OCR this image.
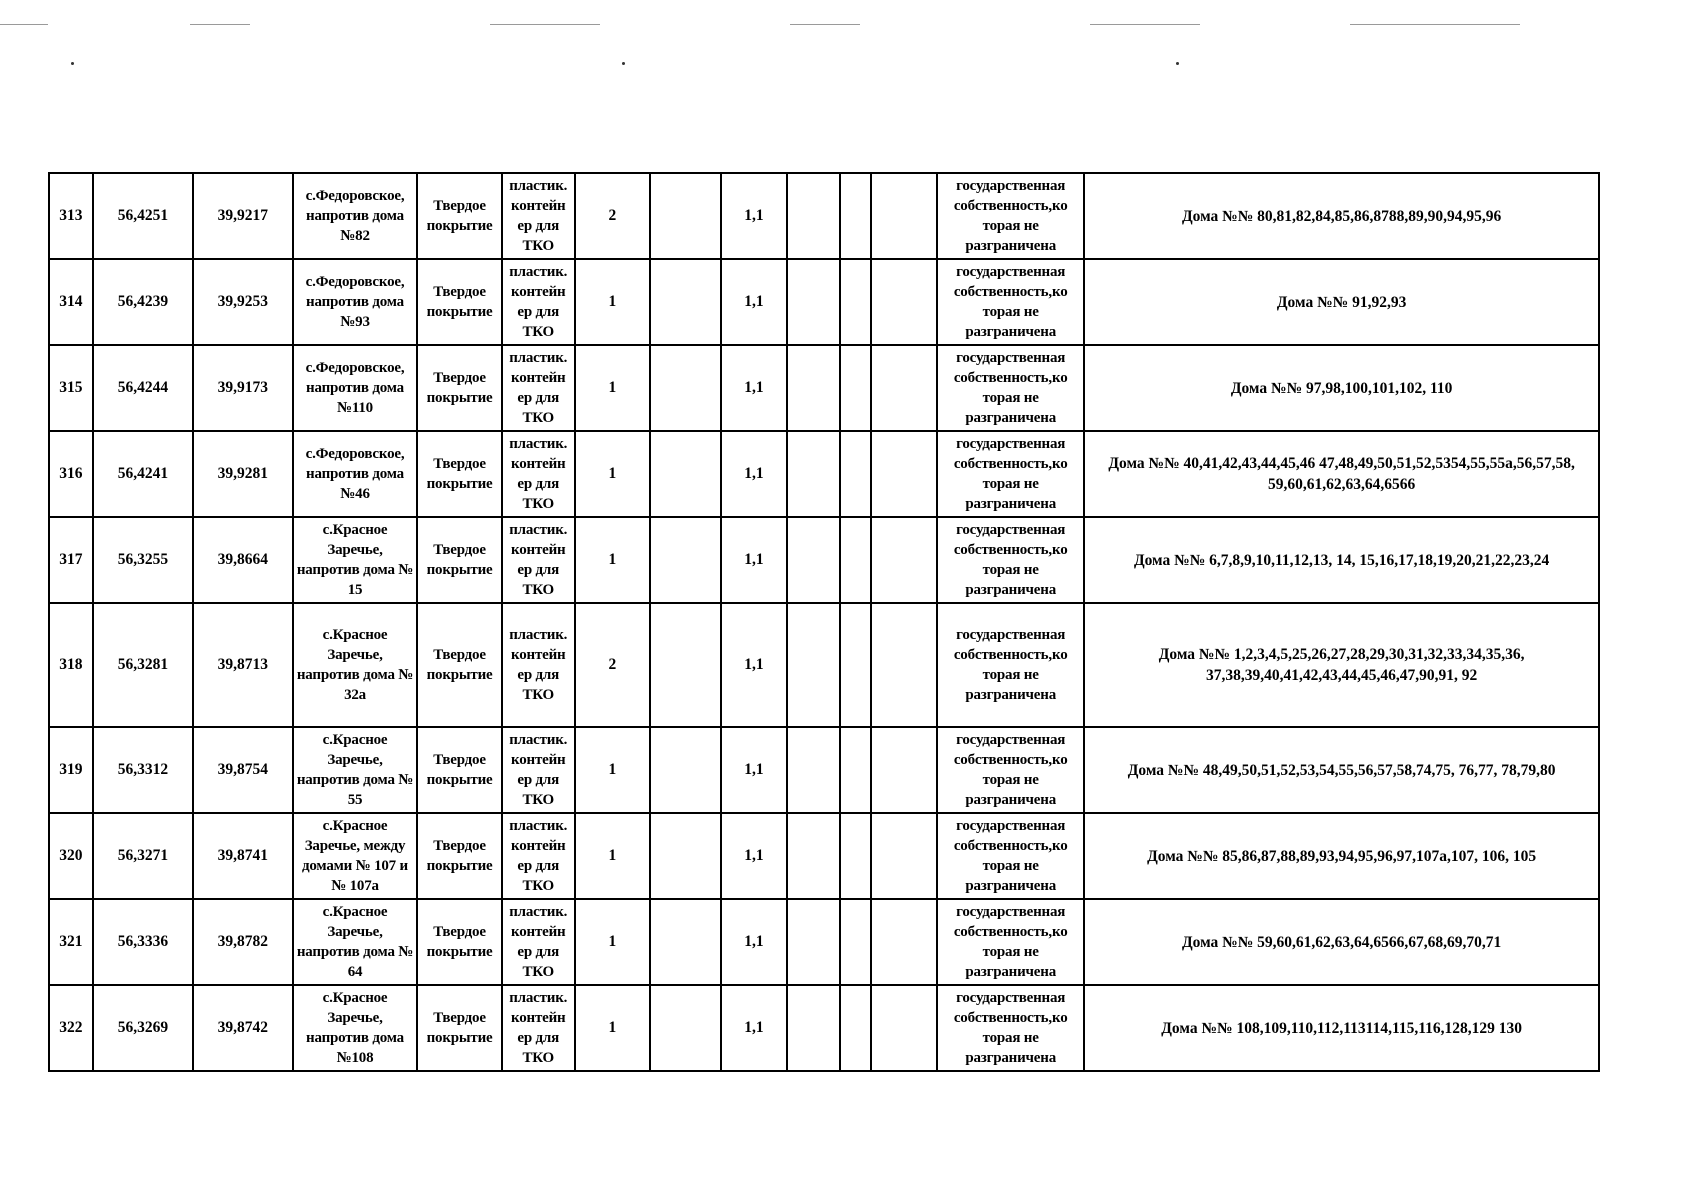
313	56,4251	39,9217	с.Федоровское, напротив дома №82	Твердое покрытие	пластик. контейн ер для ТКО	2		1,1				государственная собственность,ко торая не разграничена	Дома №№ 80,81,82,84,85,86,8788,89,90,94,95,96
314	56,4239	39,9253	с.Федоровское, напротив дома №93	Твердое покрытие	пластик. контейн ер для ТКО	1		1,1				государственная собственность,ко торая не разграничена	Дома №№ 91,92,93
315	56,4244	39,9173	с.Федоровское, напротив дома №110	Твердое покрытие	пластик. контейн ер для ТКО	1		1,1				государственная собственность,ко торая не разграничена	Дома №№ 97,98,100,101,102, 110
316	56,4241	39,9281	с.Федоровское, напротив дома №46	Твердое покрытие	пластик. контейн ер для ТКО	1		1,1				государственная собственность,ко торая не разграничена	Дома №№ 40,41,42,43,44,45,46 47,48,49,50,51,52,5354,55,55а,56,57,58, 59,60,61,62,63,64,6566
317	56,3255	39,8664	с.Красное Заречье, напротив дома № 15	Твердое покрытие	пластик. контейн ер для ТКО	1		1,1				государственная собственность,ко торая не разграничена	Дома №№ 6,7,8,9,10,11,12,13, 14, 15,16,17,18,19,20,21,22,23,24
318	56,3281	39,8713	с.Красное Заречье, напротив дома № 32а	Твердое покрытие	пластик. контейн ер для ТКО	2		1,1				государственная собственность,ко торая не разграничена	Дома №№ 1,2,3,4,5,25,26,27,28,29,30,31,32,33,34,35,36, 37,38,39,40,41,42,43,44,45,46,47,90,91, 92
319	56,3312	39,8754	с.Красное Заречье, напротив дома № 55	Твердое покрытие	пластик. контейн ер для ТКО	1		1,1				государственная собственность,ко торая не разграничена	Дома №№ 48,49,50,51,52,53,54,55,56,57,58,74,75, 76,77, 78,79,80
320	56,3271	39,8741	с.Красное Заречье, между домами № 107 и № 107а	Твердое покрытие	пластик. контейн ер для ТКО	1		1,1				государственная собственность,ко торая не разграничена	Дома №№ 85,86,87,88,89,93,94,95,96,97,107а,107, 106, 105
321	56,3336	39,8782	с.Красное Заречье, напротив дома № 64	Твердое покрытие	пластик. контейн ер для ТКО	1		1,1				государственная собственность,ко торая не разграничена	Дома №№ 59,60,61,62,63,64,6566,67,68,69,70,71
322	56,3269	39,8742	с.Красное Заречье, напротив дома №108	Твердое покрытие	пластик. контейн ер для ТКО	1		1,1				государственная собственность,ко торая не разграничена	Дома №№ 108,109,110,112,113114,115,116,128,129 130
